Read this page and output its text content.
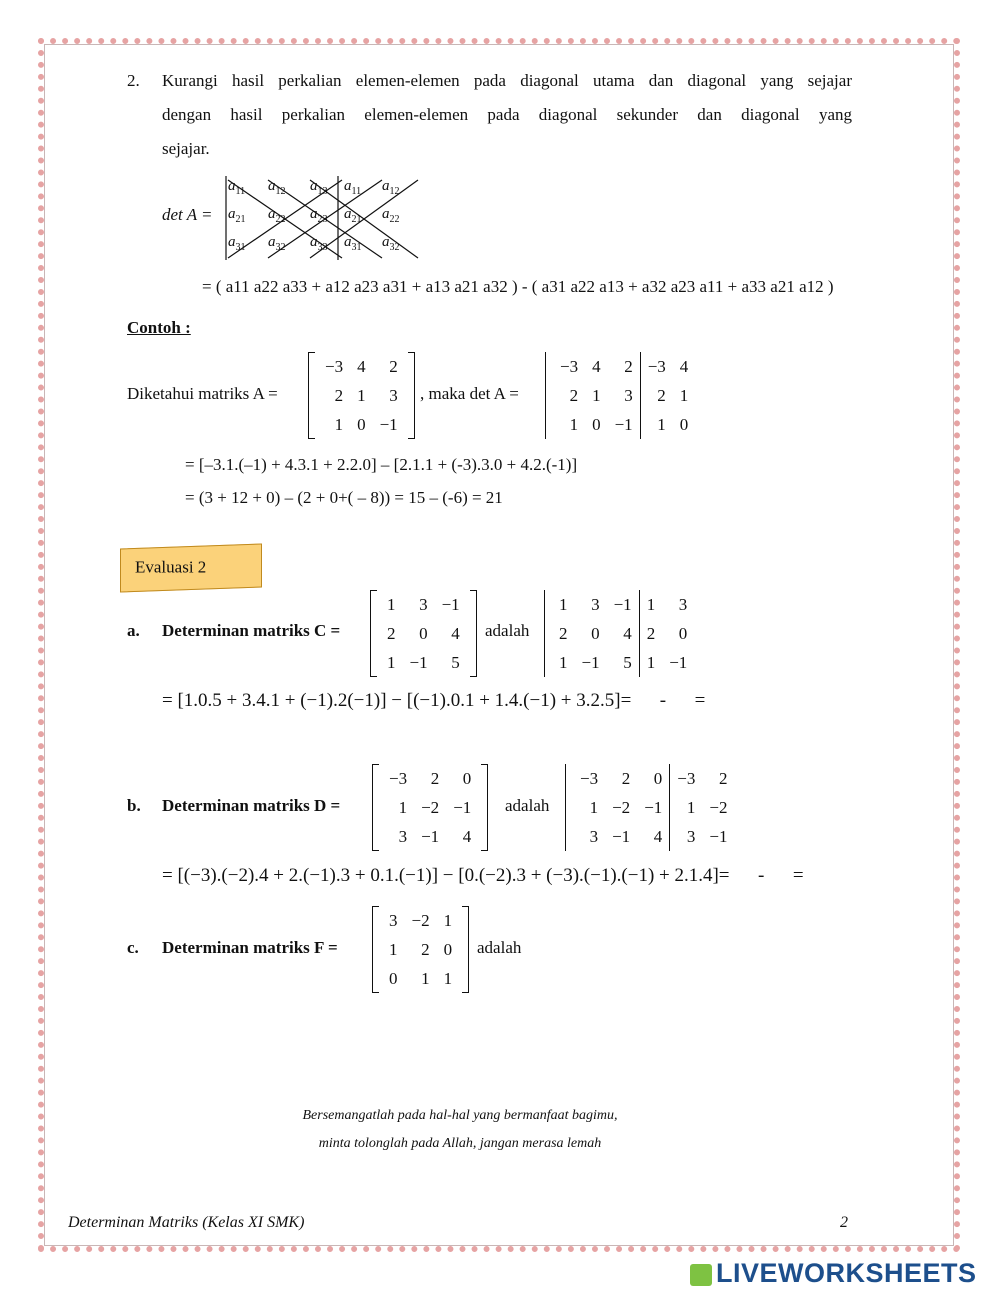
2. Kurangi hasil perkalian elemen-elemen pada diagonal utama dan diagonal yang sejajar
dengan hasil perkalian elemen-elemen pada diagonal sekunder dan diagonal yang
sejajar.
det A =
$a_{11}$ $a_{12}$ $a_{13}$ $a_{11}$ $a_{12}$
$a_{21}$ $a_{22}$ $a_{23}$ $a_{21}$ $a_{22}$
$a_{31}$ $a_{32}$ $a_{33}$ $a_{31}$ $a_{32}$
= ( a11 a22 a33 + a12 a23 a31 + a13 a21 a32 ) - ( a31 a22 a13 + a32 a23 a11 + a33 a21 a12 )
Contoh :
Diketahui matriks A =
−3	4	2
2	1	3
1	0	−1
, maka det A =
−3	4	2	−3	4
2	1	3	2	1
1	0	−1	1	0
= [–3.1.(–1) + 4.3.1 + 2.2.0] – [2.1.1 + (-3).3.0 + 4.2.(-1)]
= (3 + 12 + 0) – (2 + 0+( – 8)) = 15 – (-6) = 21
Evaluasi 2
a. Determinan matriks C =
1	3	−1
2	0	4
1	−1	5
adalah
1	3	−1	1	3
2	0	4	2	0
1	−1	5	1	−1
= [1.0.5 + 3.4.1 + (−1).2(−1)] − [(−1).0.1 + 1.4.(−1) + 3.2.5]=      -      =
b. Determinan matriks D =
−3	2	0
1	−2	−1
3	−1	4
adalah
−3	2	0	−3	2
1	−2	−1	1	−2
3	−1	4	3	−1
= [(−3).(−2).4 + 2.(−1).3 + 0.1.(−1)] − [0.(−2).3 + (−3).(−1).(−1) + 2.1.4]=      -      =
c. Determinan matriks F =
3	−2	1
1	2	0
0	1	1
adalah
Bersemangatlah pada hal-hal yang bermanfaat bagimu,
minta tolonglah pada Allah, jangan merasa lemah
Determinan Matriks (Kelas XI SMK)	2
LIVEWORKSHEETS
